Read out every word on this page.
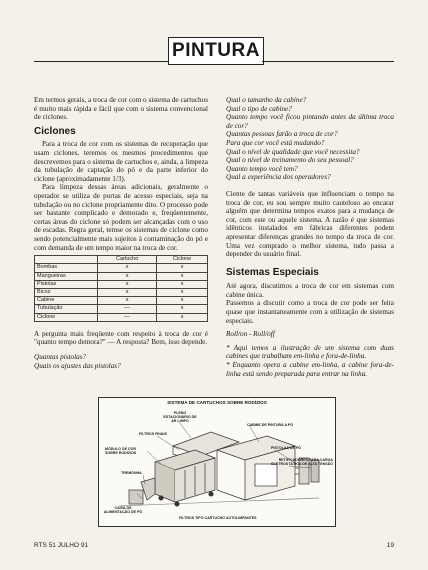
PINTURA

Em termos gerais, a troca de cor com o sistema de cartuchos é muito mais rápida e fácil que com o sistema convencional de ciclones.

Ciclones

Para a troca de cor com os sistemas de recuperação que usam ciclones, teremos os mesmos procedimentos que descrevemos para o sistema de cartuchos e, ainda, a limpeza da tubulação de captação do pó e da parte inferior do ciclone (aproximadamente 1/3).

Para limpeza dessas áreas adicionais, geralmente o operador se utiliza de portas de acesso especiais, seja na tubulação ou no ciclone propriamente dito. O processo pode ser bastante complicado e demorado e, freqüentemente, certas áreas do ciclone só podem ser alcançadas com o uso de escadas. Regra geral, temse os sistemas de ciclone como sendo potencialmente mais sujeitos à contaminação do pó e com demanda de um tempo maior na troca de cor.

	Cartucho	Ciclone
Bombas	x	x
Mangueiras	x	x
Pistolas	x	x
Bicos	x	x
Cabine	x	x
Tubulação	—	x
Ciclone	—	x

A pergunta mais freqüente com respeito à troca de cor é "quanto tempo demora?" — A resposta? Bem, isso depende.

Quantas pistolas?

Quais os ajustes das pistolas?

Qual o tamanho da cabine?

Qual o tipo de cabine?

Quanto tempo você ficou pintando antes da última troca de cor?

Quantas pessoas farão a troca de cor?

Para que cor você está mudando?

Qual o nível de qualidade que você necessita?

Qual o nível de treinamento do seu pessoal?

Quanto tempo você tem?

Qual a experiência dos operadores?

Ciente de tantas variáveis que influenciam o tempo na troca de cor, eu sou sempre muito cauteloso ao encarar alguém que determina tempos exatos para a mudança de cor, com este ou aquele sistema. A razão é que sistemas idênticos instalados em fábricas diferentes podem apresentar diferenças grandes no tempo da troca de cor. Uma vez comprado o melhor sistema, tudo passa a depender do usuário final.

Sistemas Especiais

Até agora, discutimos a troca de cor em sistemas com cabine única.

Passemos a discutir como a troca de cor pode ser feita quase que instantaneamente com a utilização de sistemas especiais.

Roll/on - Roll/off

* Aqui temos a ilustração de um sistema com duas cabines que trabalham em-linha e fora-de-linha.

* Enquanto opera a cabine em-linha, a cabine fora-de-linha está sendo preparada para entrar na linha.

SISTEMA DE CARTUCHOS SOBRE RODÍZIOS
PLENO ESTACIONÁRIO DE AR LIMPO
CABINE DE PINTURA A PÓ
FILTROS FINAIS
MÓDULO DE COR SOBRE RODÍZIOS
PISTOLAS DE PÓ
RETIFICADORES PARA CARGA ELETROSTÁTICA DE ALTA TENSÃO
TREMONHA
CAIXA DE ALIMENTAÇÃO DE PÓ
FILTROS TIPO CARTUCHO AUTOLIMPANTES
RTS 51 JULHO 91	19
